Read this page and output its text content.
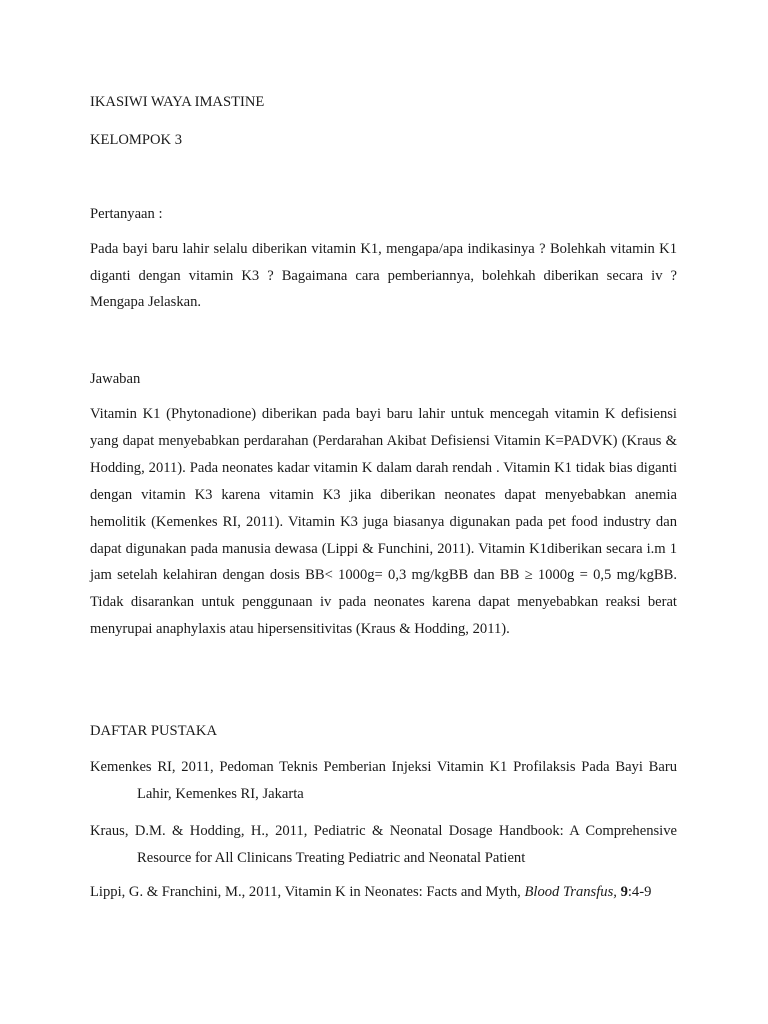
IKASIWI WAYA IMASTINE

KELOMPOK 3

Pertanyaan :

Pada bayi baru lahir selalu diberikan vitamin K1, mengapa/apa indikasinya ? Bolehkah vitamin K1 diganti dengan vitamin K3 ? Bagaimana cara pemberiannya, bolehkah diberikan secara iv ? Mengapa Jelaskan.

Jawaban

Vitamin K1 (Phytonadione) diberikan pada bayi baru lahir untuk mencegah vitamin K defisiensi yang dapat menyebabkan perdarahan (Perdarahan Akibat Defisiensi Vitamin K=PADVK) (Kraus & Hodding, 2011). Pada neonates kadar vitamin K dalam darah rendah . Vitamin K1 tidak bias diganti dengan vitamin K3 karena vitamin K3 jika diberikan neonates dapat menyebabkan anemia hemolitik (Kemenkes RI, 2011). Vitamin K3 juga biasanya digunakan pada pet food industry dan dapat digunakan pada manusia dewasa (Lippi & Funchini, 2011). Vitamin K1diberikan secara i.m 1 jam setelah kelahiran dengan dosis BB< 1000g= 0,3 mg/kgBB dan BB ≥ 1000g = 0,5 mg/kgBB. Tidak disarankan untuk penggunaan iv pada neonates karena dapat menyebabkan reaksi berat menyrupai anaphylaxis atau hipersensitivitas (Kraus & Hodding, 2011).

DAFTAR PUSTAKA

Kemenkes RI, 2011, Pedoman Teknis Pemberian Injeksi Vitamin K1 Profilaksis Pada Bayi Baru Lahir, Kemenkes RI, Jakarta

Kraus, D.M. & Hodding, H., 2011, Pediatric & Neonatal Dosage Handbook: A Comprehensive Resource for All Clinicans Treating Pediatric and Neonatal Patient

Lippi, G. & Franchini, M., 2011, Vitamin K in Neonates: Facts and Myth, Blood Transfus, 9:4-9
